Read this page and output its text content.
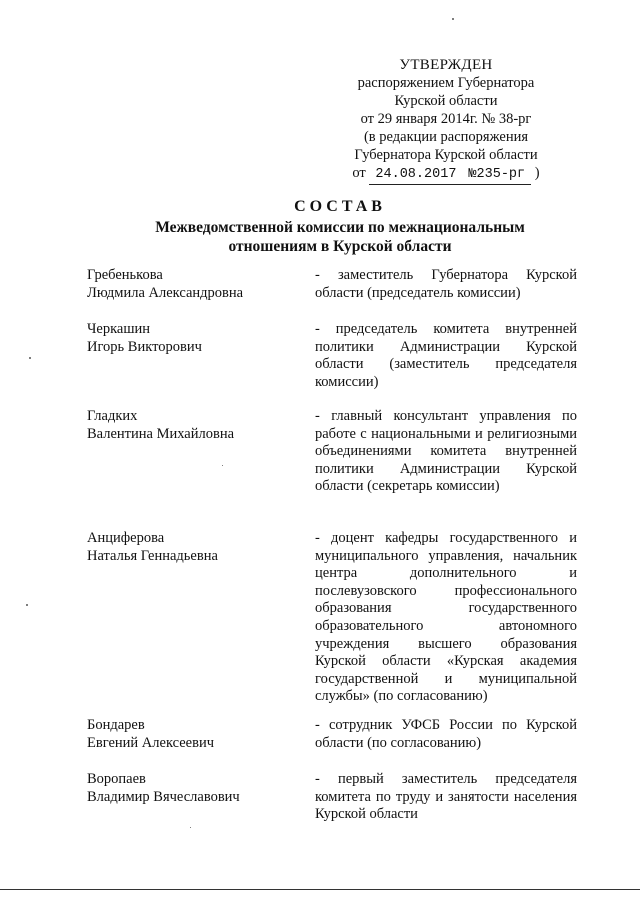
УТВЕРЖДЕН
распоряжением Губернатора
Курской области
от 29 января 2014г. № 38-рг
(в редакции распоряжения
Губернатора Курской области
от 24.08.2017 №235-рг )
СОСТАВ
Межведомственной комиссии по межнациональным
отношениям в Курской области
Гребенькова
Людмила Александровна
- заместитель Губернатора Курской области (председатель комиссии)
Черкашин
Игорь Викторович
- председатель комитета внутренней политики Администрации Курской области (заместитель председателя комиссии)
Гладких
Валентина Михайловна
- главный консультант управления по работе с национальными и религиозными объединениями комитета внутренней политики Администрации Курской области (секретарь комиссии)
Анциферова
Наталья Геннадьевна
- доцент кафедры государственного и муниципального управления, начальник центра дополнительного и послевузовского профессионального образования государственного образовательного автономного учреждения высшего образования Курской области «Курская академия государственной и муниципальной службы» (по согласованию)
Бондарев
Евгений Алексеевич
- сотрудник УФСБ России по Курской области (по согласованию)
Воропаев
Владимир Вячеславович
- первый заместитель председателя комитета по труду и занятости населения Курской области
